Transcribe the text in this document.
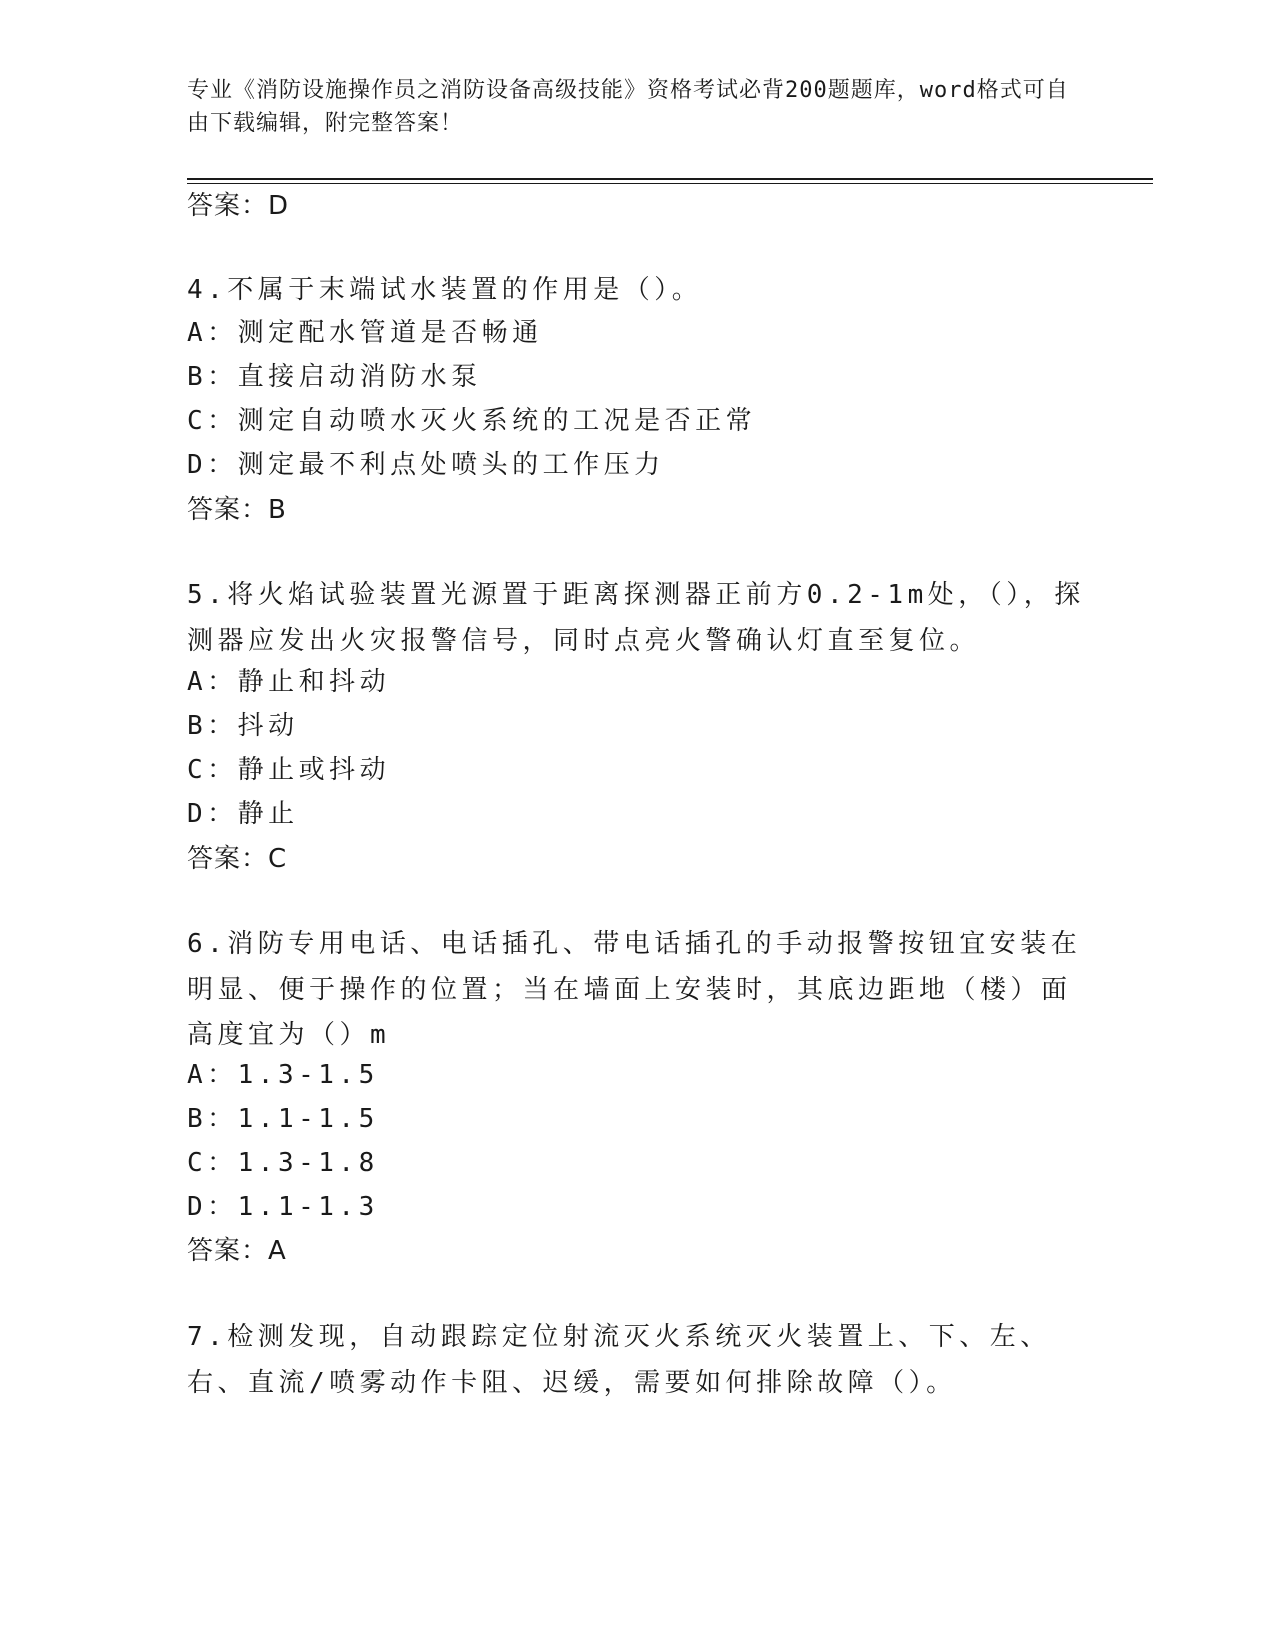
专业《消防设施操作员之消防设备高级技能》资格考试必背200题题库，word格式可自由下载编辑，附完整答案！
答案：D
4.不属于末端试水装置的作用是（）。
A：测定配水管道是否畅通
B：直接启动消防水泵
C：测定自动喷水灭火系统的工况是否正常
D：测定最不利点处喷头的工作压力
答案：B
5.将火焰试验装置光源置于距离探测器正前方0.2-1m处，（），探测器应发出火灾报警信号，同时点亮火警确认灯直至复位。
A：静止和抖动
B：抖动
C：静止或抖动
D：静止
答案：C
6.消防专用电话、电话插孔、带电话插孔的手动报警按钮宜安装在明显、便于操作的位置；当在墙面上安装时，其底边距地（楼）面高度宜为（）m
A：1.3-1.5
B：1.1-1.5
C：1.3-1.8
D：1.1-1.3
答案：A
7.检测发现，自动跟踪定位射流灭火系统灭火装置上、下、左、右、直流/喷雾动作卡阻、迟缓，需要如何排除故障（）。
